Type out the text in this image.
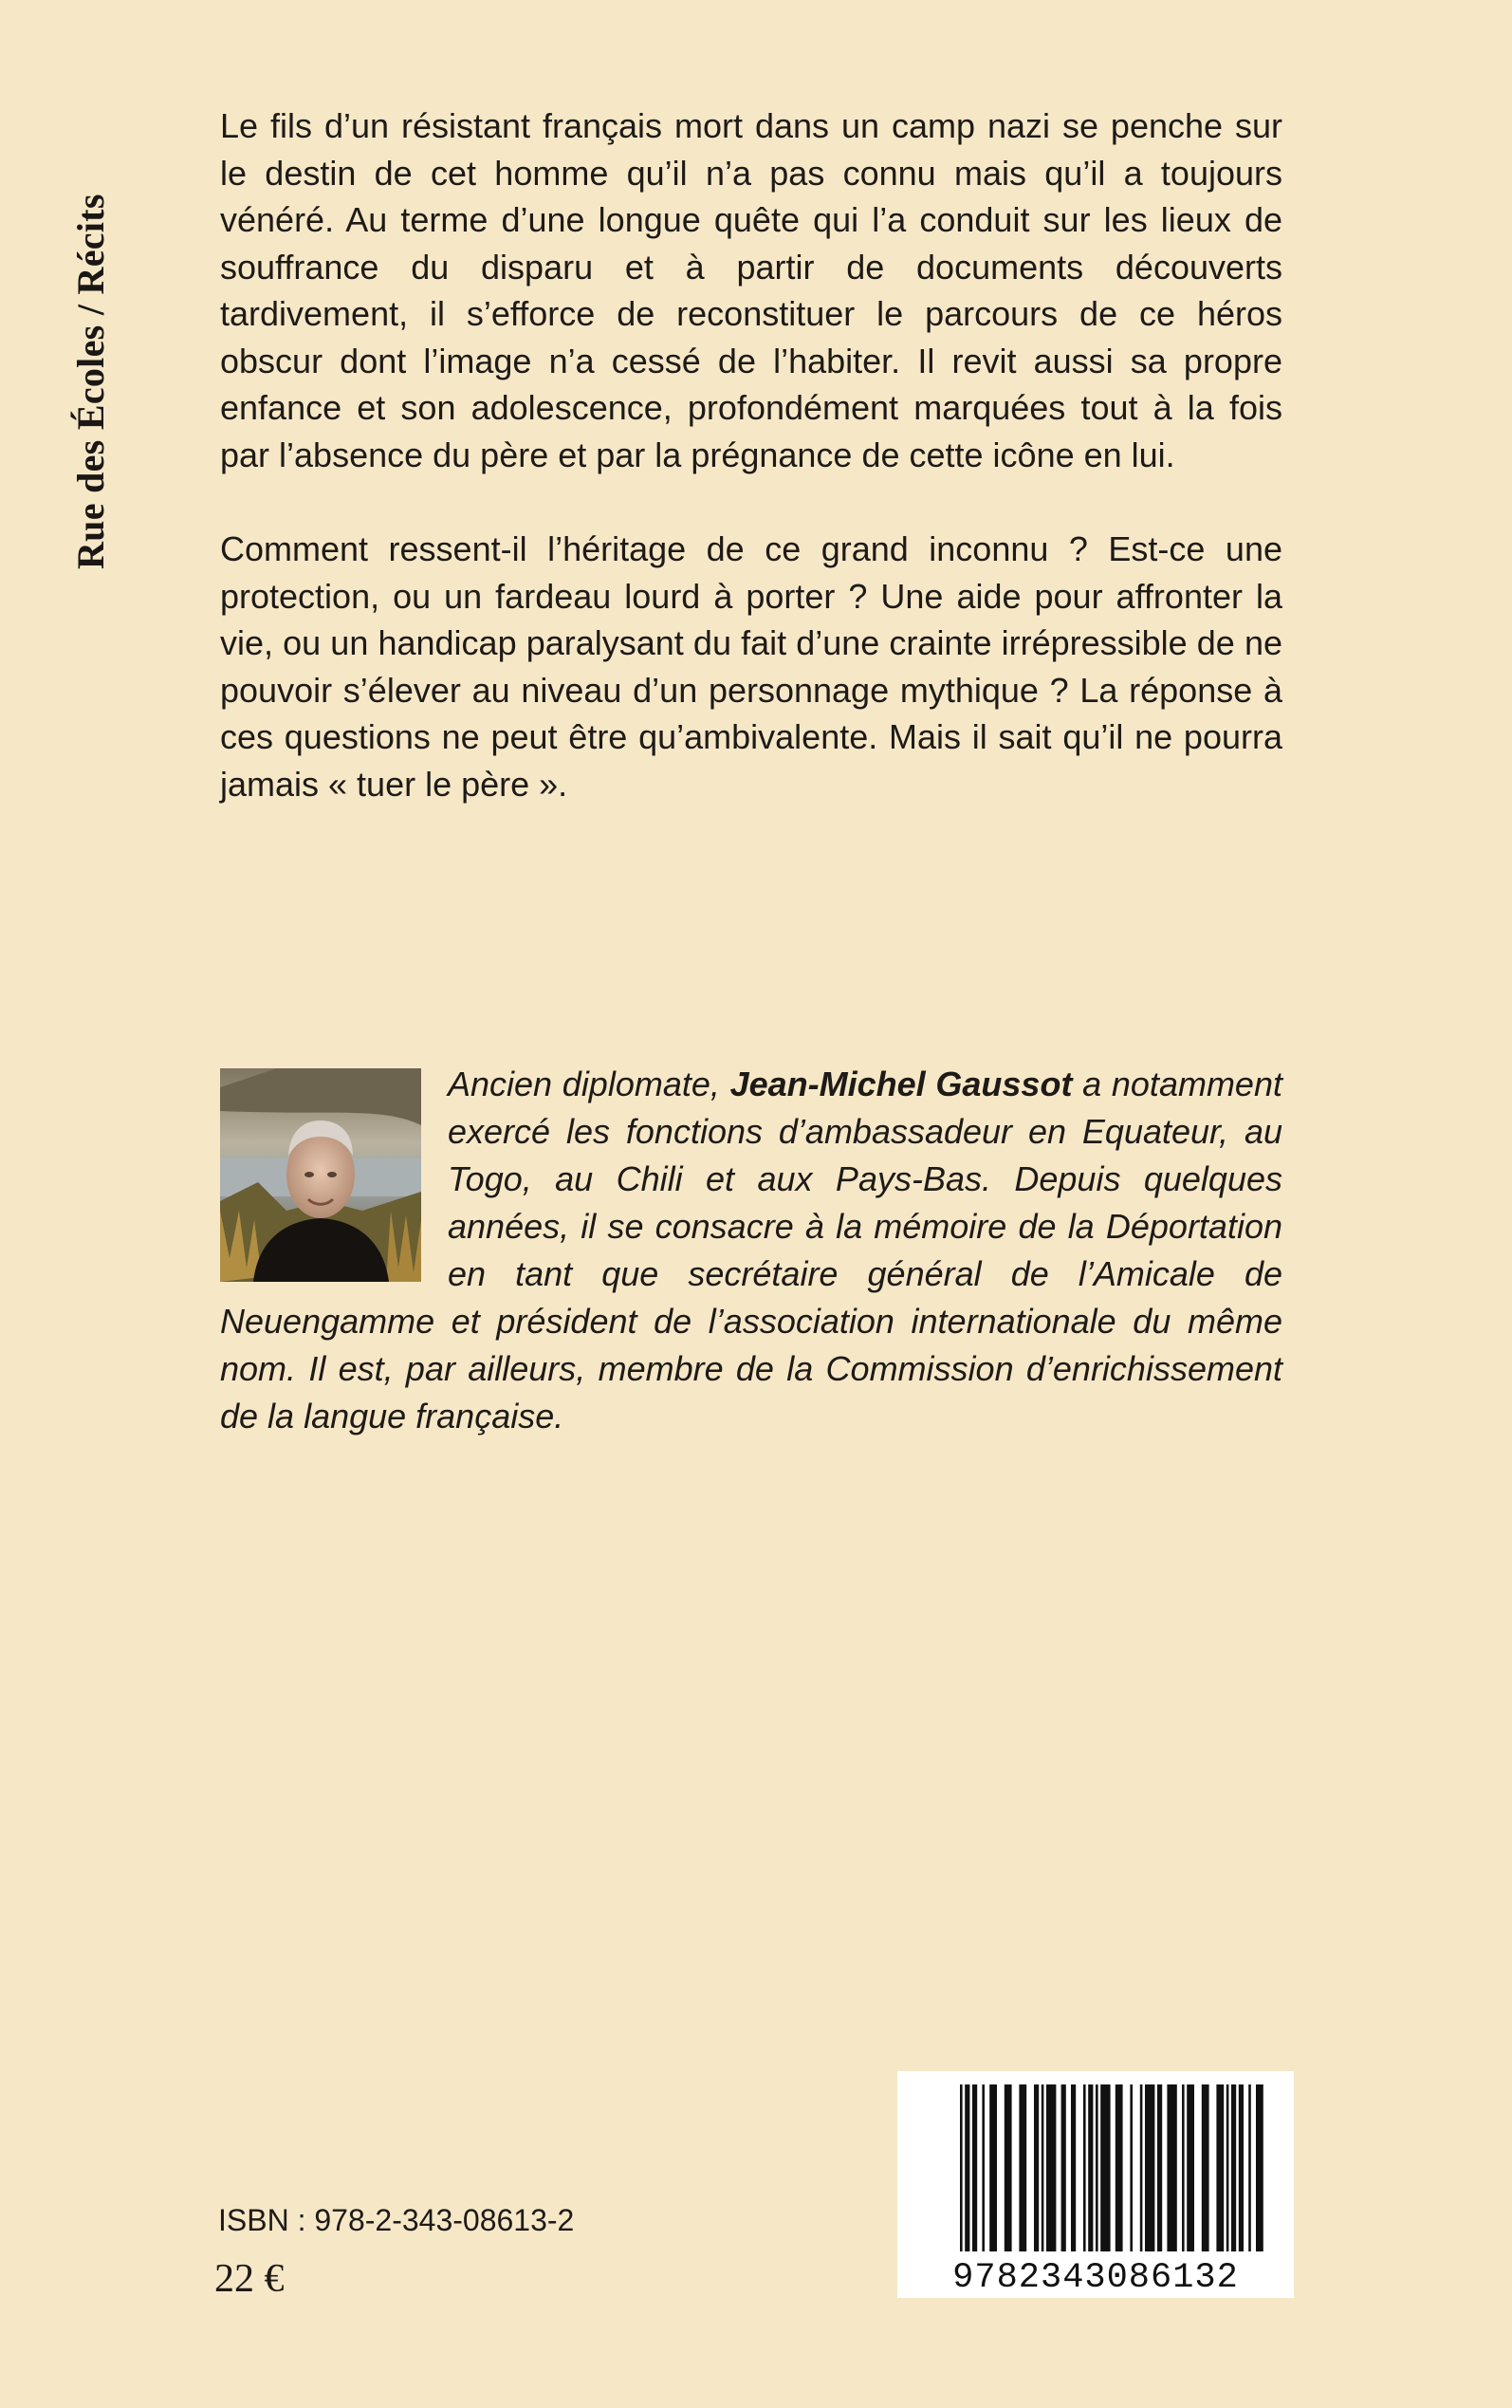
Rue des Écoles / Récits

Le fils d’un résistant français mort dans un camp nazi se penche sur le destin de cet homme qu’il n’a pas connu mais qu’il a toujours vénéré. Au terme d’une longue quête qui l’a conduit sur les lieux de souffrance du disparu et à partir de documents découverts tardivement, il s’efforce de reconstituer le parcours de ce héros obscur dont l’image n’a cessé de l’habiter. Il revit aussi sa propre enfance et son adolescence, profondément marquées tout à la fois par l’absence du père et par la prégnance de cette icône en lui.

Comment ressent-il l’héritage de ce grand inconnu ? Est-ce une protection, ou un fardeau lourd à porter ? Une aide pour affronter la vie, ou un handicap paralysant du fait d’une crainte irrépressible de ne pouvoir s’élever au niveau d’un personnage mythique ? La réponse à ces questions ne peut être qu’ambivalente. Mais il sait qu’il ne pourra jamais « tuer le père ».

Ancien diplomate, Jean-Michel Gaussot a notamment exercé les fonctions d’ambassadeur en Equateur, au Togo, au Chili et aux Pays-Bas. Depuis quelques années, il se consacre à la mémoire de la Déportation en tant que secrétaire général de l’Amicale de Neuengamme et président de l’association internationale du même nom. Il est, par ailleurs, membre de la Commission d’enrichissement de la langue française.
ISBN : 978-2-343-08613-2
22 €	9782343086132
